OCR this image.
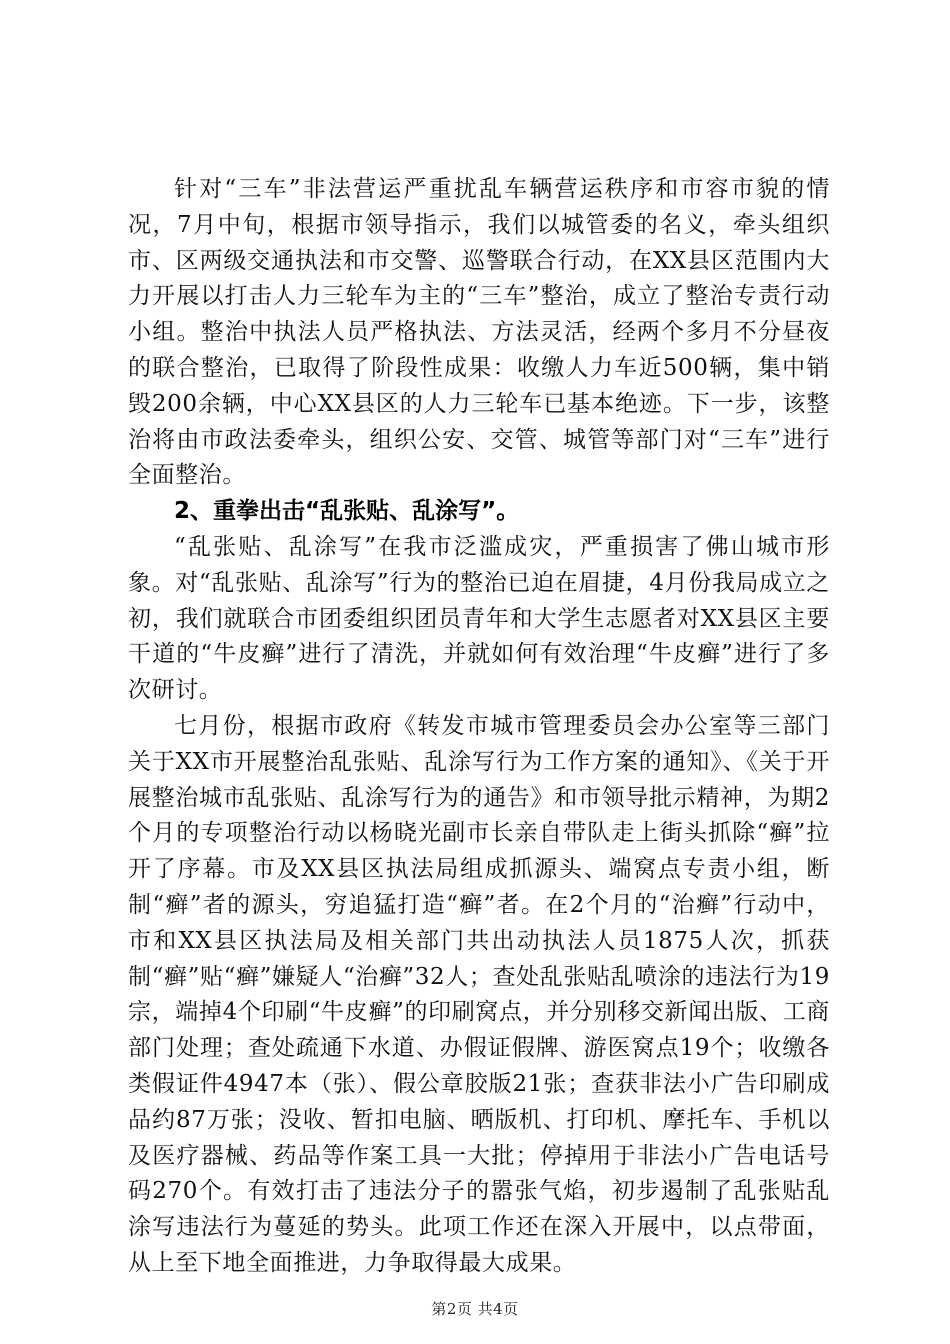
针对“三车”非法营运严重扰乱车辆营运秩序和市容市貌的情况，7月中旬，根据市领导指示，我们以城管委的名义，牵头组织市、区两级交通执法和市交警、巡警联合行动，在XX县区范围内大力开展以打击人力三轮车为主的“三车”整治，成立了整治专责行动小组。整治中执法人员严格执法、方法灵活，经两个多月不分昼夜的联合整治，已取得了阶段性成果：收缴人力车近500辆，集中销毁200余辆，中心XX县区的人力三轮车已基本绝迹。下一步，该整治将由市政法委牵头，组织公安、交管、城管等部门对“三车”进行全面整治。

2、重拳出击“乱张贴、乱涂写”。

“乱张贴、乱涂写”在我市泛滥成灾，严重损害了佛山城市形象。对“乱张贴、乱涂写”行为的整治已迫在眉捷，4月份我局成立之初，我们就联合市团委组织团员青年和大学生志愿者对XX县区主要干道的“牛皮癣”进行了清洗，并就如何有效治理“牛皮癣”进行了多次研讨。

七月份，根据市政府《转发市城市管理委员会办公室等三部门关于XX市开展整治乱张贴、乱涂写行为工作方案的通知》、《关于开展整治城市乱张贴、乱涂写行为的通告》和市领导批示精神，为期2个月的专项整治行动以杨晓光副市长亲自带队走上街头抓除“癣”拉开了序幕。市及XX县区执法局组成抓源头、端窝点专责小组，断制“癣”者的源头，穷追猛打造“癣”者。在2个月的“治癣”行动中，市和XX县区执法局及相关部门共出动执法人员1875人次，抓获制“癣”贴“癣”嫌疑人“治癣”32人；查处乱张贴乱喷涂的违法行为19宗，端掉4个印刷“牛皮癣”的印刷窝点，并分别移交新闻出版、工商部门处理；查处疏通下水道、办假证假牌、游医窝点19个；收缴各类假证件4947本（张）、假公章胶版21张；查获非法小广告印刷成品约87万张；没收、暂扣电脑、晒版机、打印机、摩托车、手机以及医疗器械、药品等作案工具一大批；停掉用于非法小广告电话号码270个。有效打击了违法分子的嚣张气焰，初步遏制了乱张贴乱涂写违法行为蔓延的势头。此项工作还在深入开展中，以点带面，从上至下地全面推进，力争取得最大成果。

第2页 共4页
